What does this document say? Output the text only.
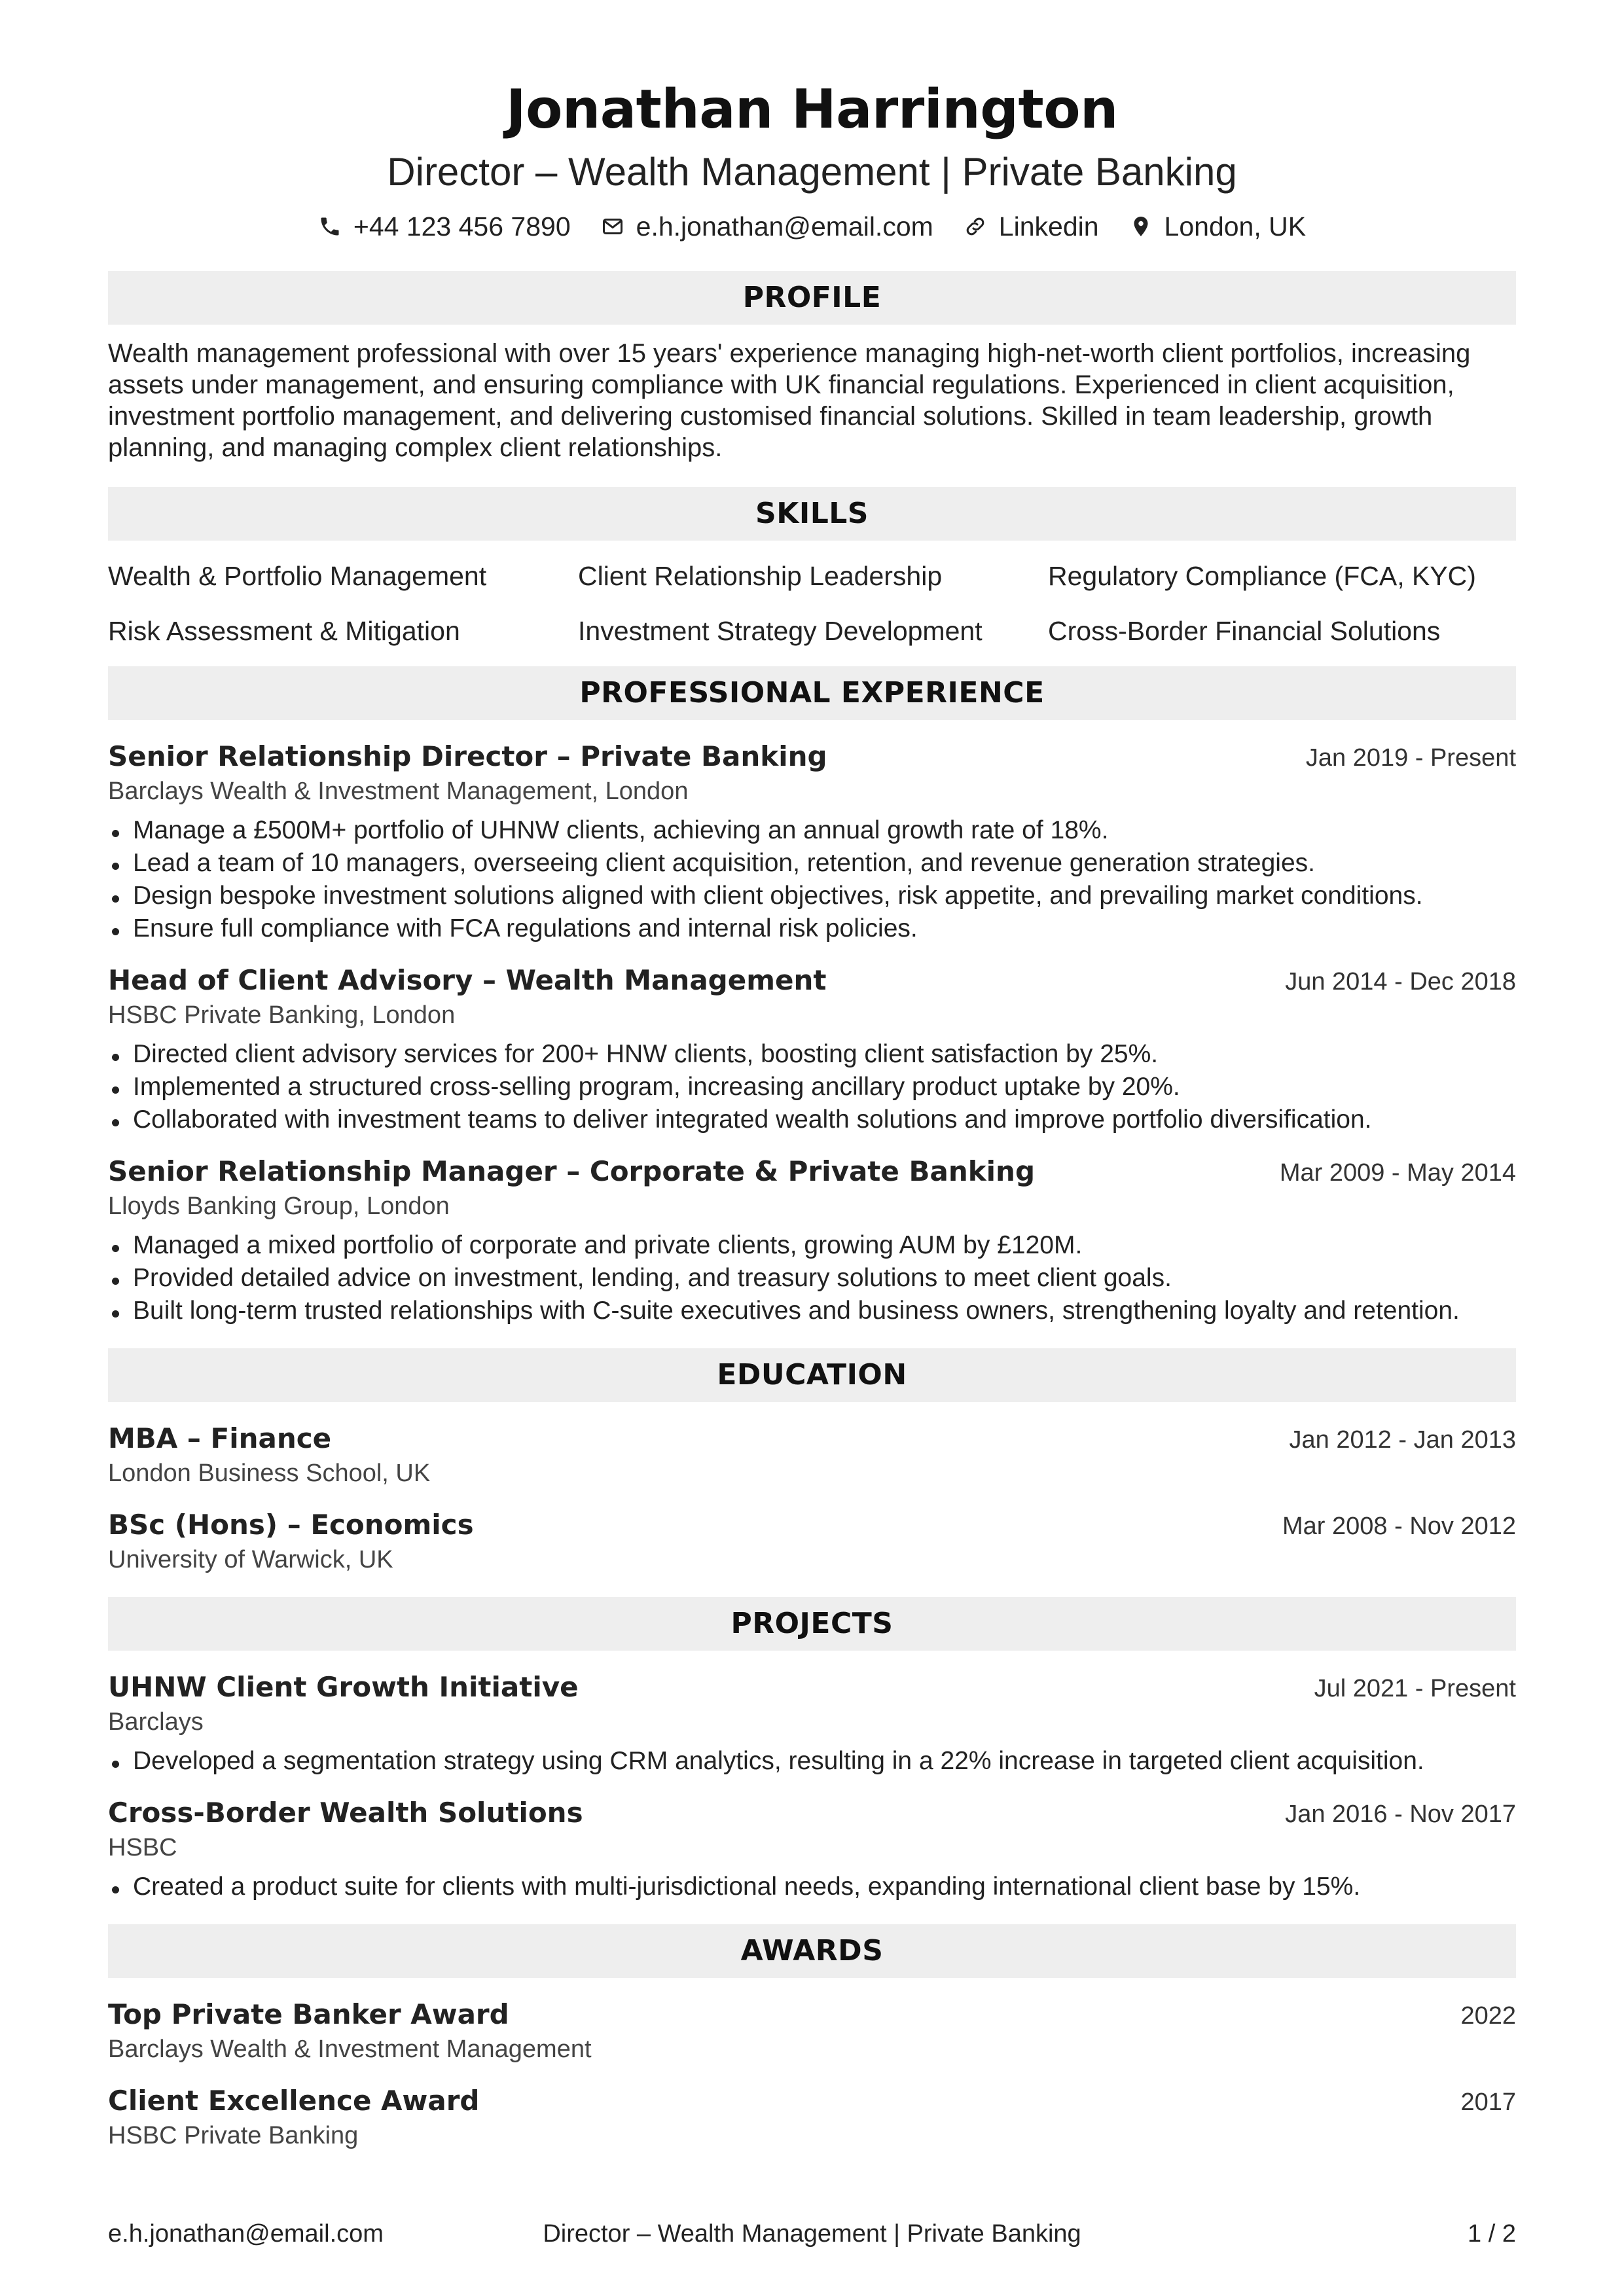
Jonathan Harrington
Director – Wealth Management | Private Banking
+44 123 456 7890 e.h.jonathan@email.com Linkedin London, UK
PROFILE
Wealth management professional with over 15 years' experience managing high-net-worth client portfolios, increasing assets under management, and ensuring compliance with UK financial regulations. Experienced in client acquisition, investment portfolio management, and delivering customised financial solutions. Skilled in team leadership, growth planning, and managing complex client relationships.
SKILLS
Wealth & Portfolio Management	Client Relationship Leadership	Regulatory Compliance (FCA, KYC)
Risk Assessment & Mitigation	Investment Strategy Development	Cross-Border Financial Solutions
PROFESSIONAL EXPERIENCE
Senior Relationship Director – Private Banking	Jan 2019 - Present
Barclays Wealth & Investment Management, London
Manage a £500M+ portfolio of UHNW clients, achieving an annual growth rate of 18%.
Lead a team of 10 managers, overseeing client acquisition, retention, and revenue generation strategies.
Design bespoke investment solutions aligned with client objectives, risk appetite, and prevailing market conditions.
Ensure full compliance with FCA regulations and internal risk policies.
Head of Client Advisory – Wealth Management	Jun 2014 - Dec 2018
HSBC Private Banking, London
Directed client advisory services for 200+ HNW clients, boosting client satisfaction by 25%.
Implemented a structured cross-selling program, increasing ancillary product uptake by 20%.
Collaborated with investment teams to deliver integrated wealth solutions and improve portfolio diversification.
Senior Relationship Manager – Corporate & Private Banking	Mar 2009 - May 2014
Lloyds Banking Group, London
Managed a mixed portfolio of corporate and private clients, growing AUM by £120M.
Provided detailed advice on investment, lending, and treasury solutions to meet client goals.
Built long-term trusted relationships with C-suite executives and business owners, strengthening loyalty and retention.
EDUCATION
MBA – Finance	Jan 2012 - Jan 2013
London Business School, UK
BSc (Hons) – Economics	Mar 2008 - Nov 2012
University of Warwick, UK
PROJECTS
UHNW Client Growth Initiative	Jul 2021 - Present
Barclays
Developed a segmentation strategy using CRM analytics, resulting in a 22% increase in targeted client acquisition.
Cross-Border Wealth Solutions	Jan 2016 - Nov 2017
HSBC
Created a product suite for clients with multi-jurisdictional needs, expanding international client base by 15%.
AWARDS
Top Private Banker Award	2022
Barclays Wealth & Investment Management
Client Excellence Award	2017
HSBC Private Banking
e.h.jonathan@email.com	Director – Wealth Management | Private Banking	1 / 2
